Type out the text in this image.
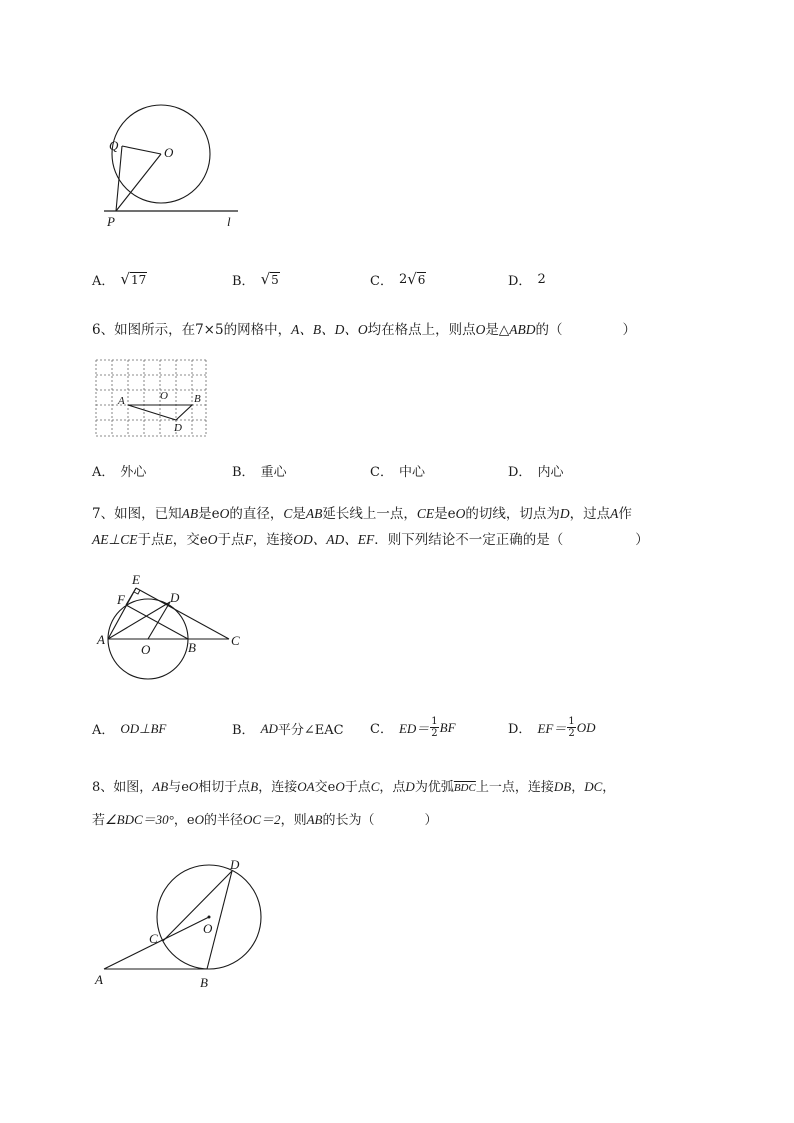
Q	O
P	l
A． √ 17	B． √ 5	C． 2 √ 6	D． 2
6、如图所示，在7×5的网格中，A、B、D、O均在格点上，则点O是△ABD的（	）
A	O B
D
A． 外心	B． 重心	C． 中心	D． 内心
7、如图，已知AB是eO的直径，C是AB延长线上一点，CE是eO的切线，切点为D，过点A作
AE⊥CE于点E，交eO于点F，连接OD、AD、EF．则下列结论不一定正确的是（	）
E
F	D
A
O	B	C
A． OD⊥BF	B． AD 平分∠EAC C． $ED= \frac{1}{2}$ BF	D． $EF= \frac{1}{2}$ OD
8、如图，AB与eO相切于点B，连接OA交eO于点C，点D为优弧$\overline{BDC}$上一点，连接DB，DC，
若∠BDC＝30°，eO的半径OC＝2，则AB的长为（	）
D
C
O
A	B
